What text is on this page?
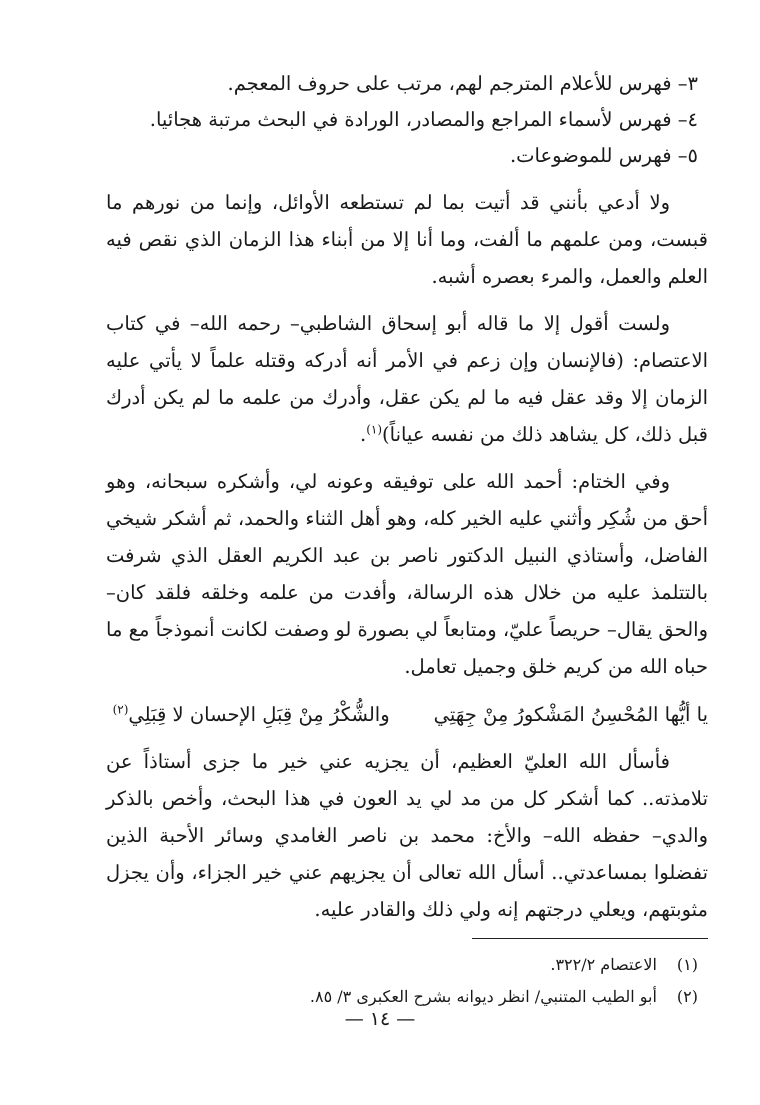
٣– فهرس للأعلام المترجم لهم، مرتب على حروف المعجم.
٤– فهرس لأسماء المراجع والمصادر، الورادة في البحث مرتبة هجائيا.
٥– فهرس للموضوعات.

ولا أدعي بأنني قد أتيت بما لم تستطعه الأوائل، وإنما من نورهم ما قبست، ومن علمهم ما ألفت، وما أنا إلا من أبناء هذا الزمان الذي نقص فيه العلم والعمل، والمرء بعصره أشبه.

ولست أقول إلا ما قاله أبو إسحاق الشاطبي– رحمه الله– في كتاب الاعتصام: (فالإنسان وإن زعم في الأمر أنه أدركه وقتله علماً لا يأتي عليه الزمان إلا وقد عقل فيه ما لم يكن عقل، وأدرك من علمه ما لم يكن أدرك قبل ذلك، كل يشاهد ذلك من نفسه عياناً)$^{(١)}$.

وفي الختام: أحمد الله على توفيقه وعونه لي، وأشكره سبحانه، وهو أحق من شُكِر وأثني عليه الخير كله، وهو أهل الثناء والحمد، ثم أشكر شيخي الفاضل، وأستاذي النبيل الدكتور ناصر بن عبد الكريم العقل الذي شرفت بالتتلمذ عليه من خلال هذه الرسالة، وأفدت من علمه وخلقه فلقد كان– والحق يقال– حريصاً عليّ، ومتابعاً لي بصورة لو وصفت لكانت أنموذجاً مع ما حباه الله من كريم خلق وجميل تعامل.

يا أيُّها المُحْسِنُ المَشْكورُ مِنْ جِهَتِي
والشُّكْرُ مِنْ قِبَلِ الإحسان لا قِبَلِي$^{(٢)}$

فأسأل الله العليّ العظيم، أن يجزيه عني خير ما جزى أستاذاً عن تلامذته.. كما أشكر كل من مد لي يد العون في هذا البحث، وأخص بالذكر والدي– حفظه الله– والأخ: محمد بن ناصر الغامدي وسائر الأحبة الذين تفضلوا بمساعدتي.. أسأل الله تعالى أن يجزيهم عني خير الجزاء، وأن يجزل مثوبتهم، ويعلي درجتهم إنه ولي ذلك والقادر عليه.

(١) الاعتصام ٣٢٢/٢.
(٢) أبو الطيب المتنبي/ انظر ديوانه بشرح العكبرى ٣/ ٨٥.
— ١٤ —
